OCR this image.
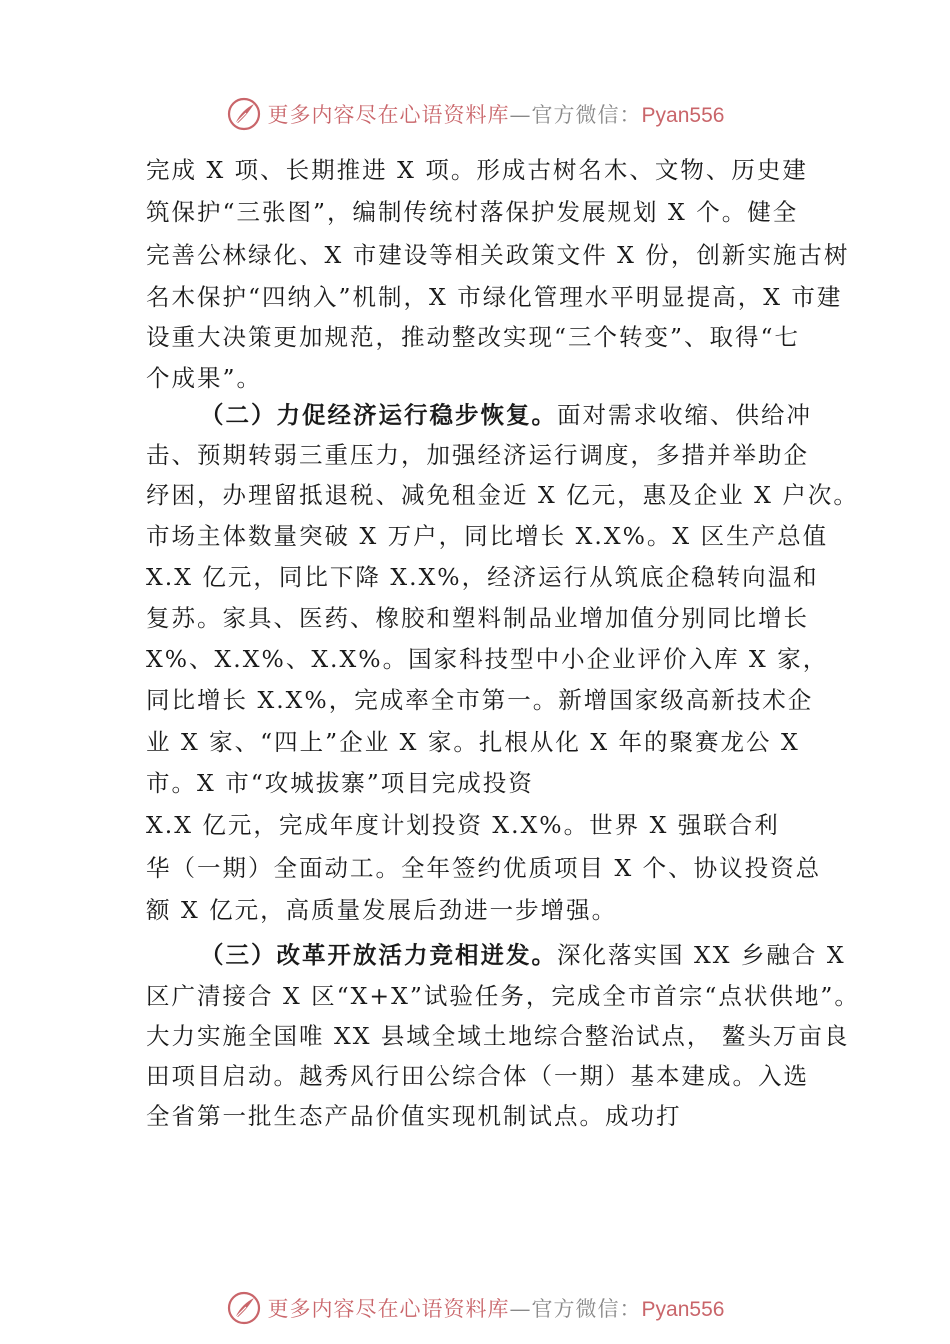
更多内容尽在心语资料库—官方微信：Pyan556
完成 X 项、长期推进 X 项。形成古树名木、文物、历史建
筑保护“三张图”，编制传统村落保护发展规划 X 个。健全
完善公林绿化、X 市建设等相关政策文件 X 份，创新实施古树
名木保护“四纳入”机制，X 市绿化管理水平明显提高，X 市建
设重大决策更加规范，推动整改实现“三个转变”、取得“七
个成果”。
（二）力促经济运行稳步恢复。面对需求收缩、供给冲
击、预期转弱三重压力，加强经济运行调度，多措并举助企
纾困，办理留抵退税、减免租金近 X 亿元，惠及企业 X 户次。
市场主体数量突破 X 万户，同比增长 X.X%。X 区生产总值
X.X 亿元，同比下降 X.X%，经济运行从筑底企稳转向温和
复苏。家具、医药、橡胶和塑料制品业增加值分别同比增长
X%、X.X%、X.X%。国家科技型中小企业评价入库 X 家，
同比增长 X.X%，完成率全市第一。新增国家级高新技术企
业 X 家、“四上”企业 X 家。扎根从化 X 年的聚赛龙公 X
市。X 市“攻城拔寨”项目完成投资
X.X 亿元，完成年度计划投资 X.X%。世界 X 强联合利
华（一期）全面动工。全年签约优质项目 X 个、协议投资总
额 X 亿元，高质量发展后劲进一步增强。
（三）改革开放活力竞相迸发。深化落实国 XX 乡融合 X
区广清接合 X 区“X+X”试验任务，完成全市首宗“点状供地”。
大力实施全国唯 XX 县域全域土地综合整治试点， 鳌头万亩良
田项目启动。越秀风行田公综合体（一期）基本建成。入选
全省第一批生态产品价值实现机制试点。成功打
更多内容尽在心语资料库—官方微信：Pyan556
